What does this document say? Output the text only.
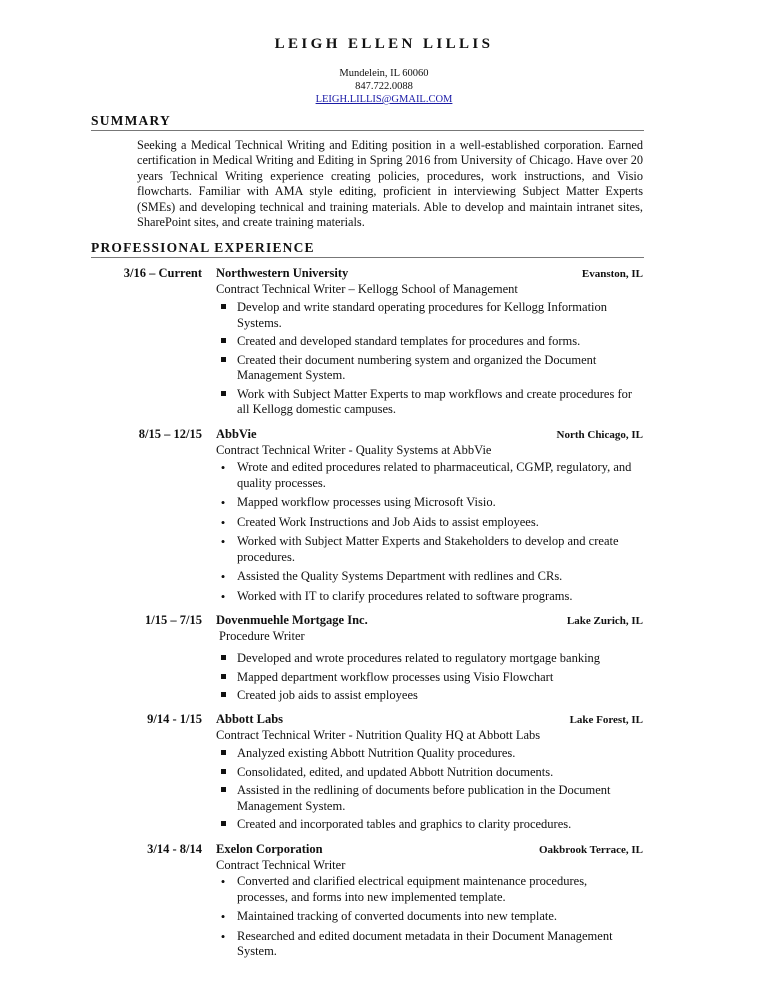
LEIGH ELLEN LILLIS
Mundelein, IL 60060
847.722.0088
LEIGH.LILLIS@GMAIL.COM
SUMMARY

Seeking a Medical Technical Writing and Editing position in a well-established corporation. Earned certification in Medical Writing and Editing in Spring 2016 from University of Chicago. Have over 20 years Technical Writing experience creating policies, procedures, work instructions, and Visio flowcharts. Familiar with AMA style editing, proficient in interviewing Subject Matter Experts (SMEs) and developing technical and training materials. Able to develop and maintain intranet sites, SharePoint sites, and create training materials.

PROFESSIONAL EXPERIENCE
3/16 – Current Northwestern University	Evanston, IL
Contract Technical Writer – Kellogg School of Management
Develop and write standard operating procedures for Kellogg Information Systems.
Created and developed standard templates for procedures and forms.
Created their document numbering system and organized the Document Management System.
Work with Subject Matter Experts to map workflows and create procedures for all Kellogg domestic campuses.
8/15 – 12/15 AbbVie	North Chicago, IL
Contract Technical Writer - Quality Systems at AbbVie
•
Wrote and edited procedures related to pharmaceutical, CGMP, regulatory, and quality processes.
•
Mapped workflow processes using Microsoft Visio.
•
Created Work Instructions and Job Aids to assist employees.
•
Worked with Subject Matter Experts and Stakeholders to develop and create procedures.
•
Assisted the Quality Systems Department with redlines and CRs.
•
Worked with IT to clarify procedures related to software programs.
1/15 – 7/15 Dovenmuehle Mortgage Inc.	Lake Zurich, IL
Procedure Writer
Developed and wrote procedures related to regulatory mortgage banking
Mapped department workflow processes using Visio Flowchart
Created job aids to assist employees
9/14 - 1/15 Abbott Labs	Lake Forest, IL
Contract Technical Writer - Nutrition Quality HQ at Abbott Labs
Analyzed existing Abbott Nutrition Quality procedures.
Consolidated, edited, and updated Abbott Nutrition documents.
Assisted in the redlining of documents before publication in the Document Management System.
Created and incorporated tables and graphics to clarity procedures.
3/14 - 8/14 Exelon Corporation	Oakbrook Terrace, IL
Contract Technical Writer
•
Converted and clarified electrical equipment maintenance procedures, processes, and forms into new implemented template.
•
Maintained tracking of converted documents into new template.
•
Researched and edited document metadata in their Document Management System.
